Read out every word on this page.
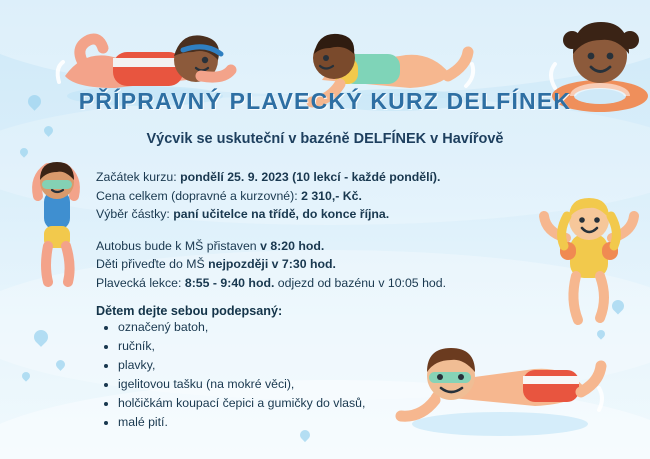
PŘÍPRAVNÝ PLAVECKÝ KURZ DELFÍNEK
Výcvik se uskuteční v bazéně DELFÍNEK v Havířově

Začátek kurzu: pondělí 25. 9. 2023 (10 lekcí - každé pondělí).

Cena celkem (dopravné a kurzovné): 2 310,- Kč.

Výběr částky: paní učitelce na třídě, do konce října.

Autobus bude k MŠ přistaven v 8:20 hod.

Děti přiveďte do MŠ nejpozději v 7:30 hod.

Plavecká lekce: 8:55 - 9:40 hod. odjezd od bazénu v 10:05 hod.

Dětem dejte sebou podepsaný:
• označený batoh,
• ručník,
• plavky,
• igelitovou tašku (na mokré věci),
• holčičkám koupací čepici a gumičky do vlasů,
• malé pití.
